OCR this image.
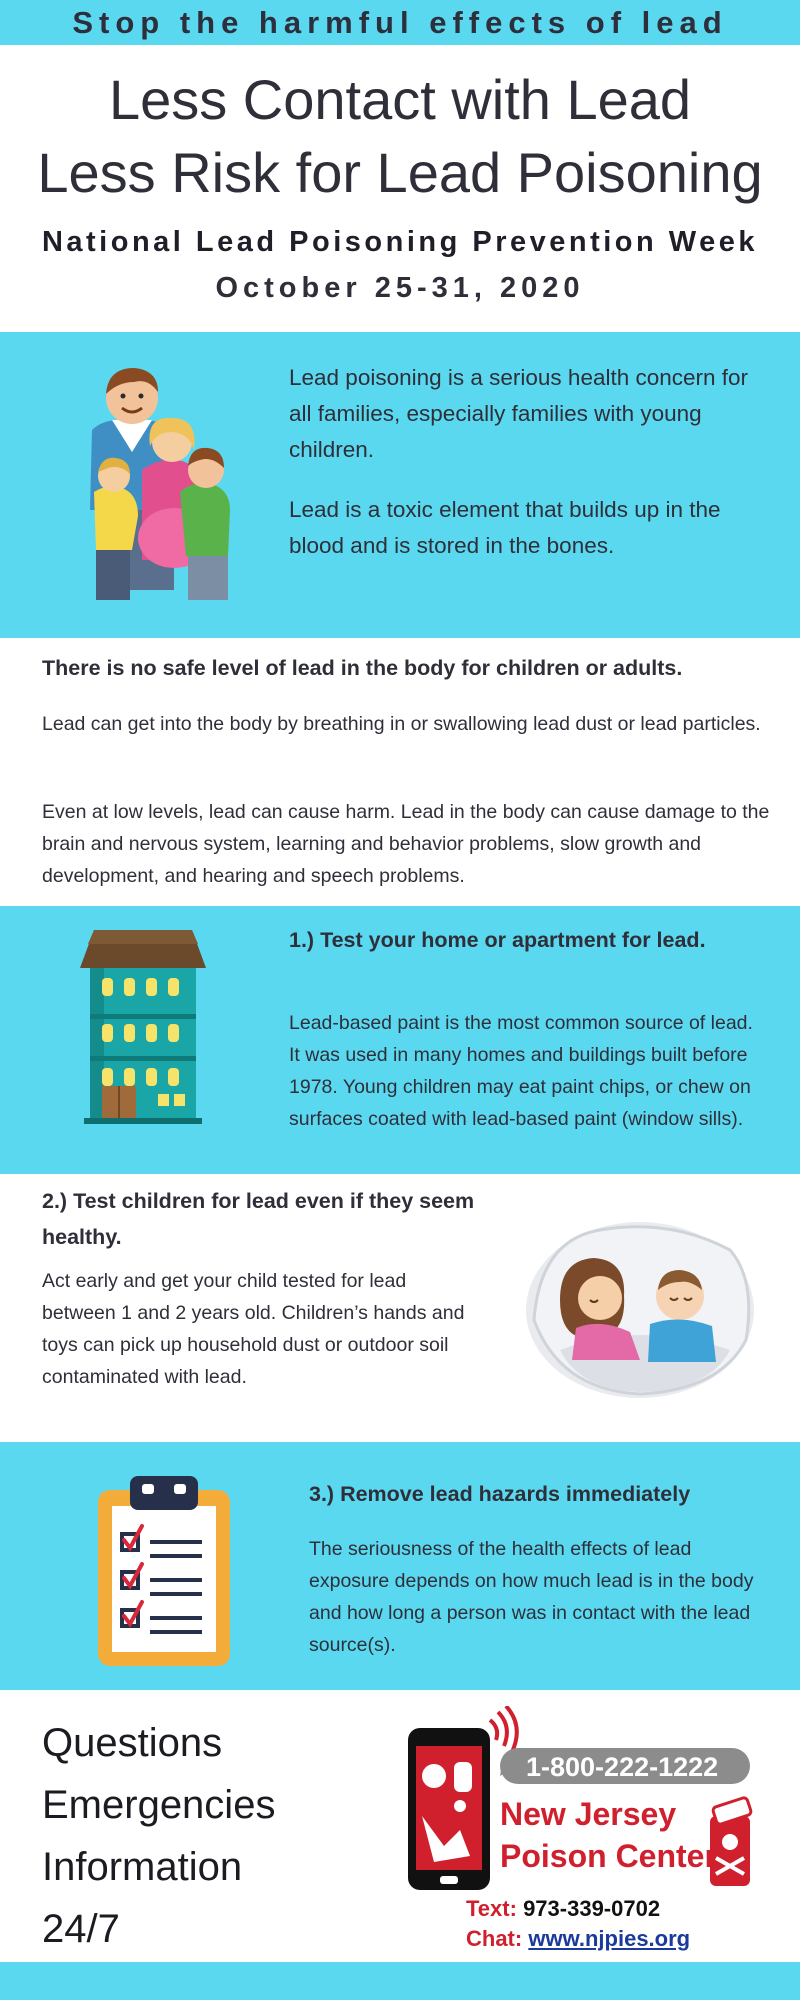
Stop the harmful effects of lead
Less Contact with Lead
Less Risk for Lead Poisoning
National Lead Poisoning Prevention Week
October 25-31, 2020
Lead poisoning is a serious health concern for all families, especially families with young children.
Lead is a toxic element that builds up in the blood and is stored in the bones.
There is no safe level of lead in the body for children or adults.
Lead can get into the body by breathing in or swallowing lead dust or lead particles.
Even at low levels, lead can cause harm. Lead in the body can cause damage to the brain and nervous system, learning and behavior problems, slow growth and development, and hearing and speech problems.
1.) Test your home or apartment for lead.
Lead-based paint is the most common source of lead. It was used in many homes and buildings built before 1978. Young children may eat paint chips, or chew on surfaces coated with lead-based paint (window sills).
2.) Test children for lead even if they seem healthy.
Act early and get your child tested for lead between 1 and 2 years old. Children’s hands and toys can pick up household dust or outdoor soil contaminated with lead.
3.) Remove lead hazards immediately
The seriousness of the health effects of lead exposure depends on how much lead is in the body and how long a person was in contact with the lead source(s).
Questions
Emergencies
Information
24/7
1-800-222-1222
New Jersey
Poison Center
Text: 973-339-0702
Chat: www.njpies.org
